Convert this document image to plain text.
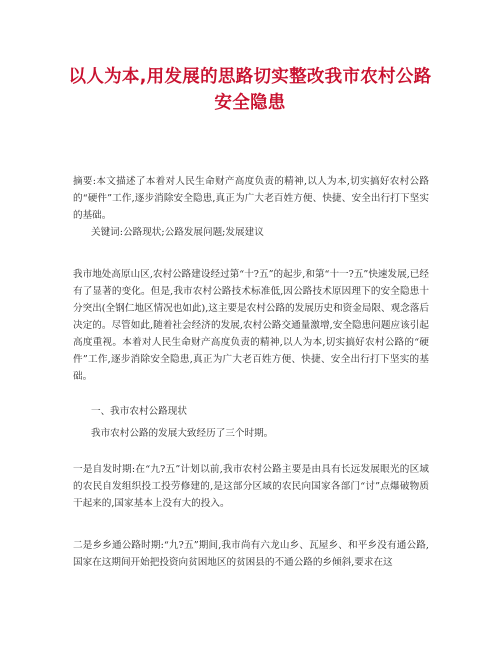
以人为本,用发展的思路切实整改我市农村公路安全隐患

摘要:本文描述了本着对人民生命财产高度负责的精神,以人为本,切实搞好农村公路的“硬件”工作,逐步消除安全隐患,真正为广大老百姓方便、快捷、安全出行打下坚实的基础。

关键词:公路现状;公路发展问题;发展建议

我市地处高原山区,农村公路建设经过第“十?五”的起步,和第“十一?五”快速发展,已经有了显著的变化。但是,我市农村公路技术标准低,因公路技术原因理下的安全隐患十分突出(全钢仁地区情况也如此),这主要是农村公路的发展历史和资金局限、观念落后决定的。尽管如此,随着社会经济的发展,农村公路交通量激增,安全隐患问题应该引起高度重视。本着对人民生命财产高度负责的精神,以人为本,切实搞好农村公路的“硬件”工作,逐步消除安全隐患,真正为广大老百姓方便、快捷、安全出行打下坚实的基础。

一、我市农村公路现状

我市农村公路的发展大致经历了三个时期。

一是自发时期:在“九?五”计划以前,我市农村公路主要是由具有长远发展眼光的区域的农民自发组织投工投劳修建的,是这部分区域的农民向国家各部门“讨”点爆破物质干起来的,国家基本上没有大的投入。

二是乡乡通公路时期:“九?五”期间,我市尚有六龙山乡、瓦屋乡、和平乡没有通公路,国家在这期间开始把投资向贫困地区的贫困县的不通公路的乡倾斜,要求在这
